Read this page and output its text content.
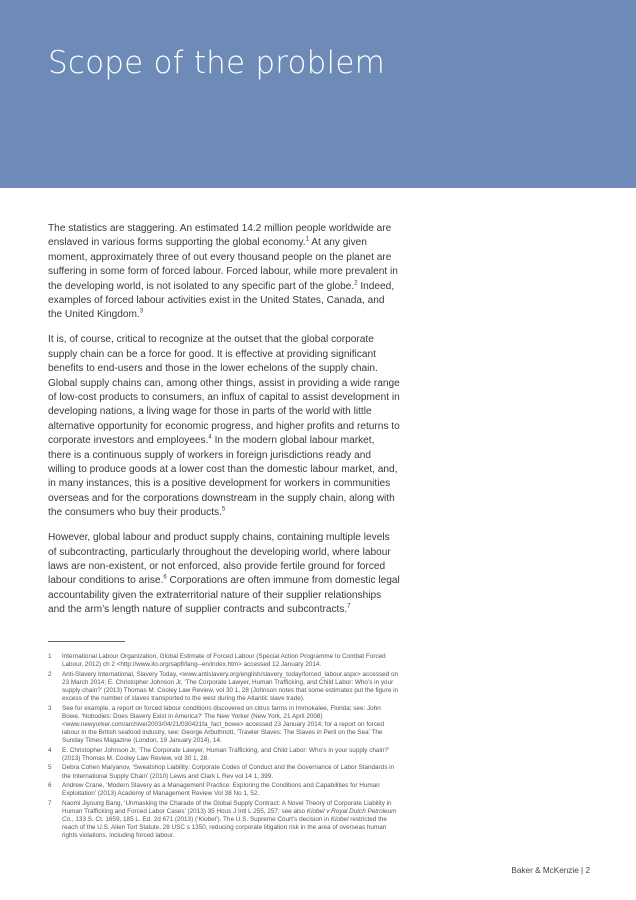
Scope of the problem

The statistics are staggering. An estimated 14.2 million people worldwide are enslaved in various forms supporting the global economy.$^1$ At any given moment, approximately three of out every thousand people on the planet are suffering in some form of forced labour. Forced labour, while more prevalent in the developing world, is not isolated to any specific part of the globe.$^2$ Indeed, examples of forced labour activities exist in the United States, Canada, and the United Kingdom.$^3$

It is, of course, critical to recognize at the outset that the global corporate supply chain can be a force for good. It is effective at providing significant benefits to end-users and those in the lower echelons of the supply chain. Global supply chains can, among other things, assist in providing a wide range of low-cost products to consumers, an influx of capital to assist development in developing nations, a living wage for those in parts of the world with little alternative opportunity for economic progress, and higher profits and returns to corporate investors and employees.$^4$ In the modern global labour market, there is a continuous supply of workers in foreign jurisdictions ready and willing to produce goods at a lower cost than the domestic labour market, and, in many instances, this is a positive development for workers in communities overseas and for the corporations downstream in the supply chain, along with the consumers who buy their products.$^5$

However, global labour and product supply chains, containing multiple levels of subcontracting, particularly throughout the developing world, where labour laws are non-existent, or not enforced, also provide fertile ground for forced labour conditions to arise.$^6$ Corporations are often immune from domestic legal accountability given the extraterritorial nature of their supplier relationships and the arm’s length nature of supplier contracts and subcontracts.$^7$

1	International Labour Organization, Global Estimate of Forced Labour (Special Action Programme to Combat Forced Labour, 2012) ch 2 <http://www.ilo.org/sapfl/lang--en/index.htm> accessed 12 January 2014.
2	Anti-Slavery International, Slavery Today, <www.antislavery.org/english/slavery_today/forced_labour.aspx> accessed on 23 March 2014; E. Christopher Johnson Jr, ‘The Corporate Lawyer, Human Trafficking, and Child Labor: Who’s in your supply chain?’ (2013) Thomas M. Cooley Law Review, vol 30 1, 28 (Johnson notes that some estimates put the figure in excess of the number of slaves transported to the west during the Atlantic slave trade).
3	See for example, a report on forced labour conditions discovered on citrus farms in Immokalee, Florida; see: John Bowe, ‘Nobodies: Does Slavery Exist in America?’ The New Yorker (New York, 21 April 2008) <www.newyorker.com/archive/2003/04/21/030421fa_fact_bowe> accessed 23 January 2014; for a report on forced labour in the British seafood industry, see: George Arbuthnott, ‘Trawler Slaves: The Slaves in Peril on the Sea’ The Sunday Times Magazine (London, 19 January 2014), 14.
4	E. Christopher Johnson Jr, ‘The Corporate Lawyer, Human Trafficking, and Child Labor: Who’s in your supply chain?’ (2013) Thomas M. Cooley Law Review, vol 30 1, 28.
5	Debra Cohen Maryanov, ‘Sweatshop Liability: Corporate Codes of Conduct and the Governance of Labor Standards in the International Supply Chain’ (2010) Lewis and Clark L Rev vol 14 1, 399.
6	Andrew Crane, ‘Modern Slavery as a Management Practice: Exploring the Conditions and Capabilities for Human Exploitation’ (2013) Academy of Management Review Vol 38 No 1, 52.
7	Naomi Jiyoung Bang, ‘Unmasking the Charade of the Global Supply Contract: A Novel Theory of Corporate Liability in Human Trafficking and Forced Labor Cases’ (2013) 35 Hous J Intl L 255, 257; see also Kiobel v Royal Dutch Petroleum Co., 133 S. Ct. 1659, 185 L. Ed. 2d 671 (2013) (‘Kiobel’). The U.S. Supreme Court’s decision in Kiobel restricted the reach of the U.S. Alien Tort Statute, 28 USC s 1350, reducing corporate litigation risk in the area of overseas human rights violations, including forced labour.
Baker & McKenzie | 2
